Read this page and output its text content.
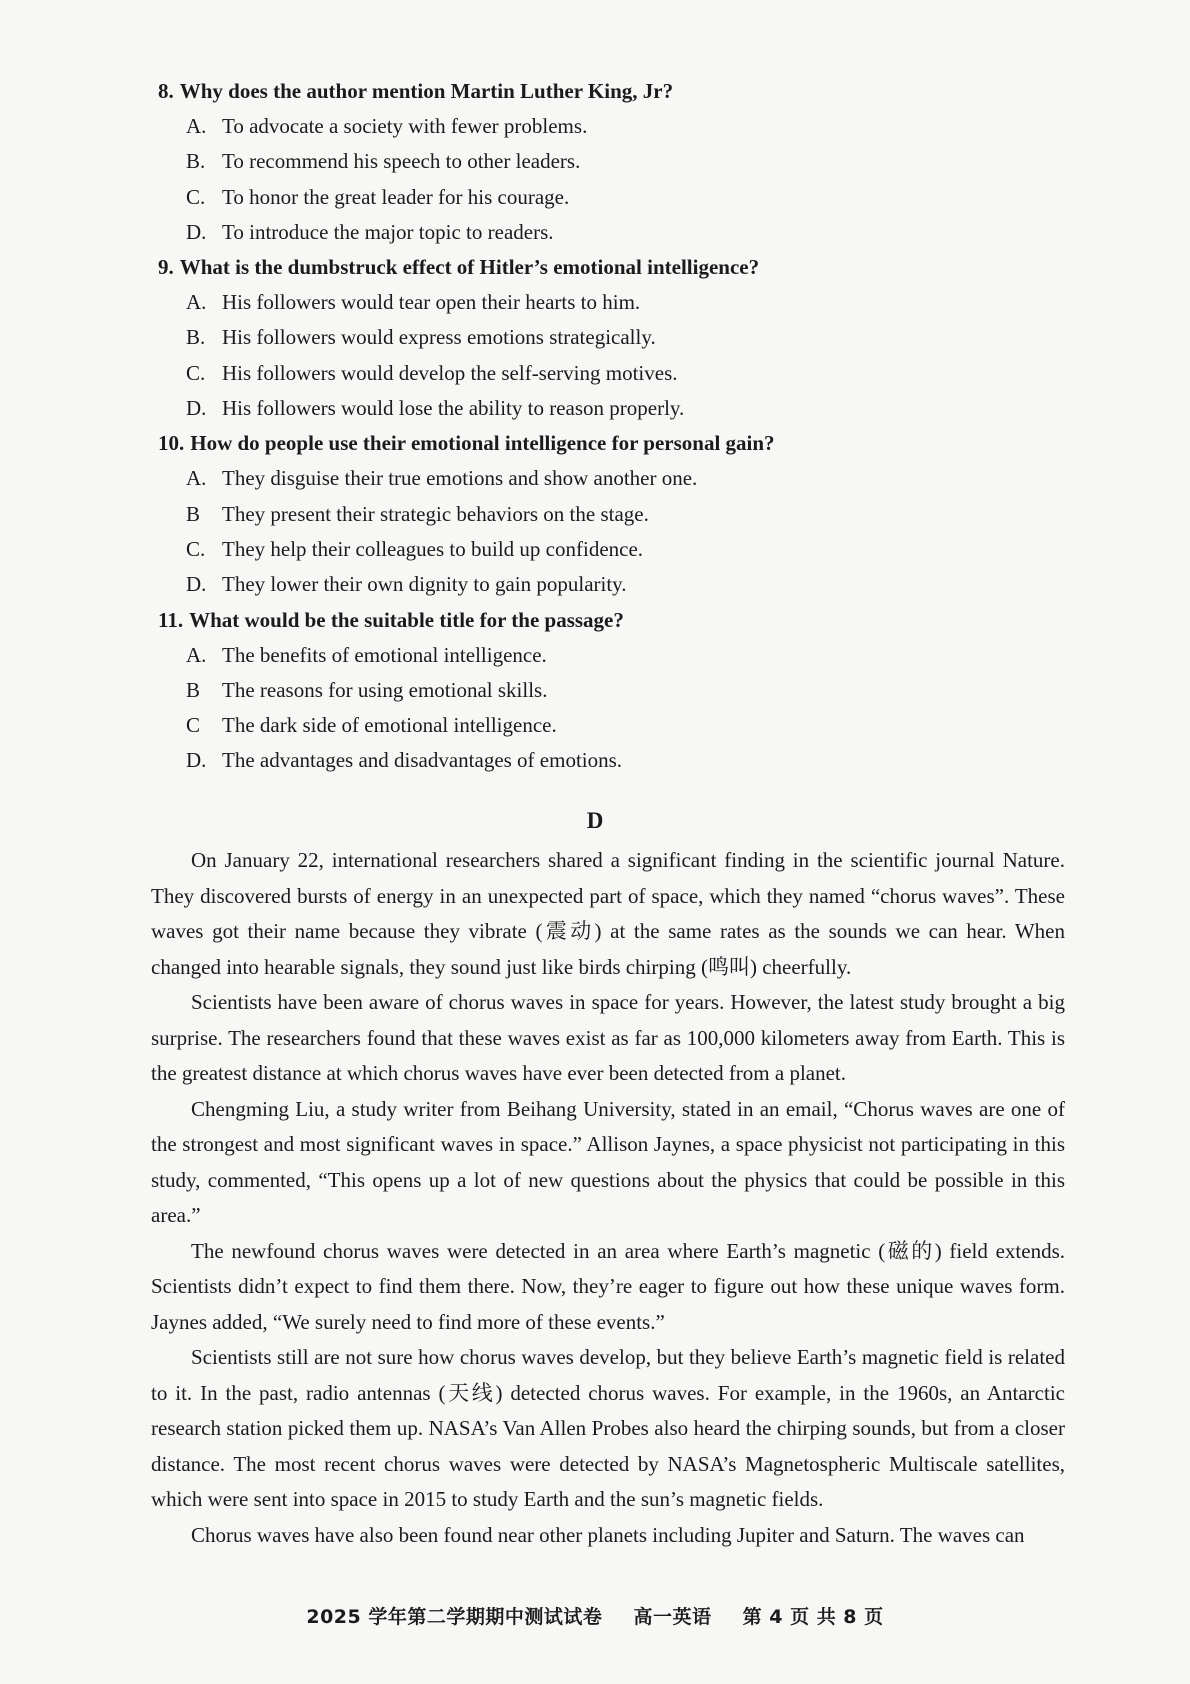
8. Why does the author mention Martin Luther King, Jr?
A. To advocate a society with fewer problems.
B. To recommend his speech to other leaders.
C. To honor the great leader for his courage.
D. To introduce the major topic to readers.
9. What is the dumbstruck effect of Hitler’s emotional intelligence?
A. His followers would tear open their hearts to him.
B. His followers would express emotions strategically.
C. His followers would develop the self-serving motives.
D. His followers would lose the ability to reason properly.
10. How do people use their emotional intelligence for personal gain?
A. They disguise their true emotions and show another one.
B They present their strategic behaviors on the stage.
C. They help their colleagues to build up confidence.
D. They lower their own dignity to gain popularity.
11. What would be the suitable title for the passage?
A. The benefits of emotional intelligence.
B The reasons for using emotional skills.
C The dark side of emotional intelligence.
D. The advantages and disadvantages of emotions.
D

On January 22, international researchers shared a significant finding in the scientific journal Nature. They discovered bursts of energy in an unexpected part of space, which they named “chorus waves”. These waves got their name because they vibrate (震动) at the same rates as the sounds we can hear. When changed into hearable signals, they sound just like birds chirping (鸣叫) cheerfully.

Scientists have been aware of chorus waves in space for years. However, the latest study brought a big surprise. The researchers found that these waves exist as far as 100,000 kilometers away from Earth. This is the greatest distance at which chorus waves have ever been detected from a planet.

Chengming Liu, a study writer from Beihang University, stated in an email, “Chorus waves are one of the strongest and most significant waves in space.” Allison Jaynes, a space physicist not participating in this study, commented, “This opens up a lot of new questions about the physics that could be possible in this area.”

The newfound chorus waves were detected in an area where Earth’s magnetic (磁的) field extends. Scientists didn’t expect to find them there. Now, they’re eager to figure out how these unique waves form. Jaynes added, “We surely need to find more of these events.”

Scientists still are not sure how chorus waves develop, but they believe Earth’s magnetic field is related to it. In the past, radio antennas (天线) detected chorus waves. For example, in the 1960s, an Antarctic research station picked them up. NASA’s Van Allen Probes also heard the chirping sounds, but from a closer distance. The most recent chorus waves were detected by NASA’s Magnetospheric Multiscale satellites, which were sent into space in 2015 to study Earth and the sun’s magnetic fields.

Chorus waves have also been found near other planets including Jupiter and Saturn. The waves can

2025 学年第二学期期中测试试卷 高一英语 第 4 页 共 8 页
